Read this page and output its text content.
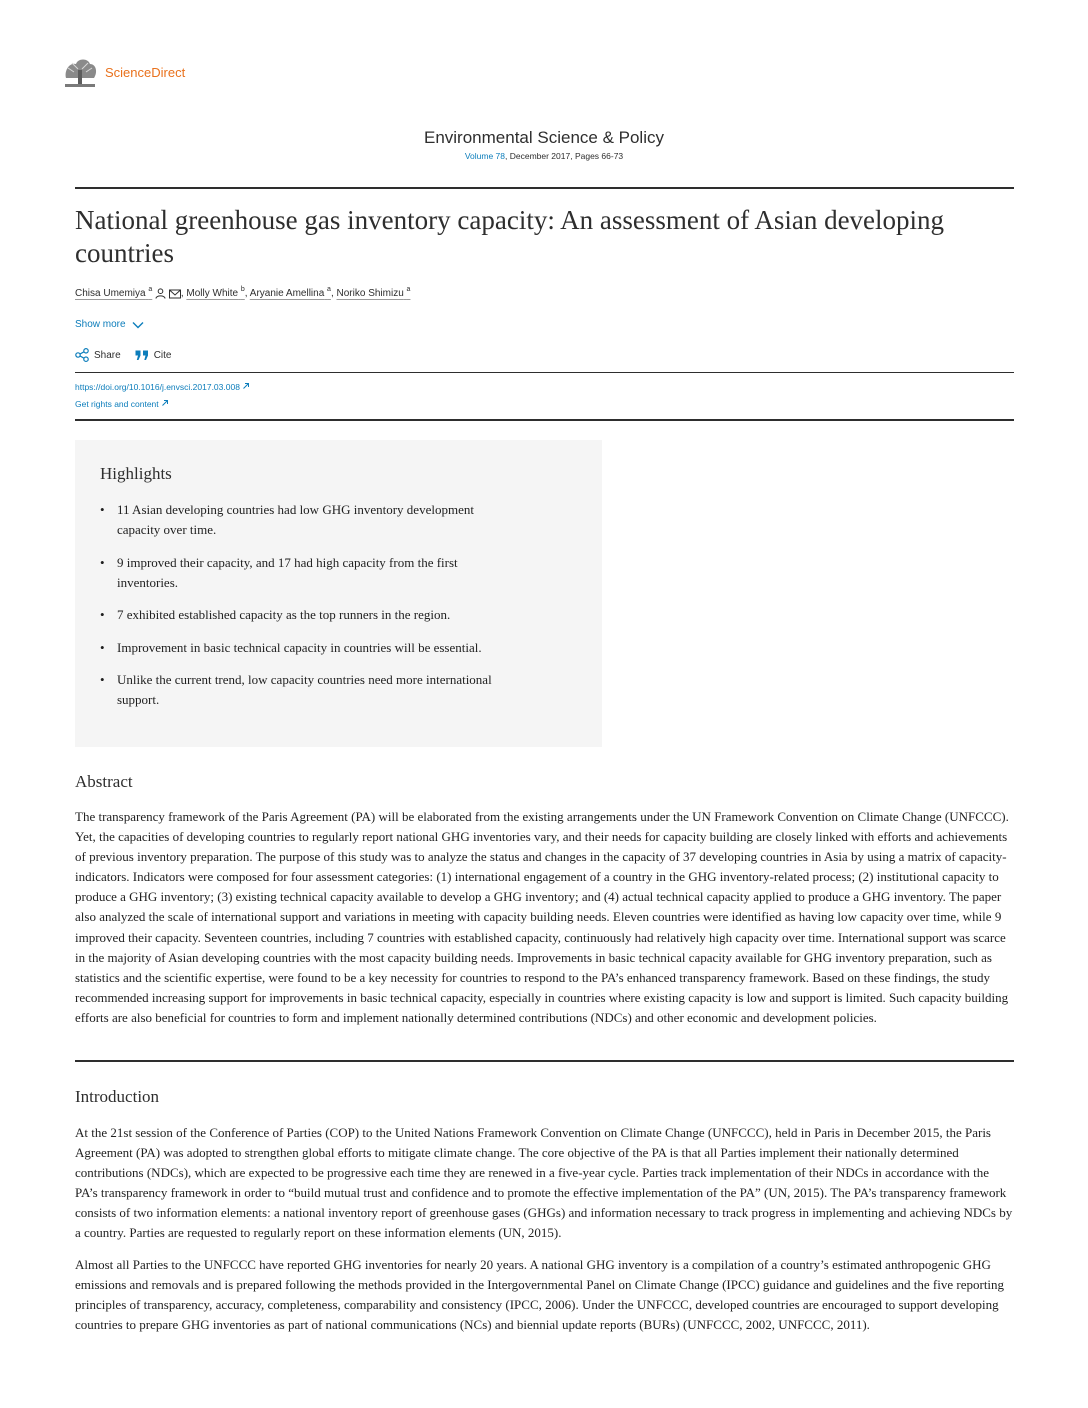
ScienceDirect
Environmental Science & Policy
Volume 78, December 2017, Pages 66-73
National greenhouse gas inventory capacity: An assessment of Asian developing countries
Chisa Umemiya $^a$	, Molly White $^b$, Aryanie Amellina $^a$, Noriko Shimizu $^a$
Show more
Share	Cite
https://doi.org/10.1016/j.envsci.2017.03.008
Get rights and content
Highlights
• 11 Asian developing countries had low GHG inventory development capacity over time.
• 9 improved their capacity, and 17 had high capacity from the first inventories.
• 7 exhibited established capacity as the top runners in the region.
• Improvement in basic technical capacity in countries will be essential.
• Unlike the current trend, low capacity countries need more international support.
Abstract

The transparency framework of the Paris Agreement (PA) will be elaborated from the existing arrangements under the UN Framework Convention on Climate Change (UNFCCC). Yet, the capacities of developing countries to regularly report national GHG inventories vary, and their needs for capacity building are closely linked with efforts and achievements of previous inventory preparation. The purpose of this study was to analyze the status and changes in the capacity of 37 developing countries in Asia by using a matrix of capacity-indicators. Indicators were composed for four assessment categories: (1) international engagement of a country in the GHG inventory-related process; (2) institutional capacity to produce a GHG inventory; (3) existing technical capacity available to develop a GHG inventory; and (4) actual technical capacity applied to produce a GHG inventory. The paper also analyzed the scale of international support and variations in meeting with capacity building needs. Eleven countries were identified as having low capacity over time, while 9 improved their capacity. Seventeen countries, including 7 countries with established capacity, continuously had relatively high capacity over time. International support was scarce in the majority of Asian developing countries with the most capacity building needs. Improvements in basic technical capacity available for GHG inventory preparation, such as statistics and the scientific expertise, were found to be a key necessity for countries to respond to the PA’s enhanced transparency framework. Based on these findings, the study recommended increasing support for improvements in basic technical capacity, especially in countries where existing capacity is low and support is limited. Such capacity building efforts are also beneficial for countries to form and implement nationally determined contributions (NDCs) and other economic and development policies.

Introduction

At the 21st session of the Conference of Parties (COP) to the United Nations Framework Convention on Climate Change (UNFCCC), held in Paris in December 2015, the Paris Agreement (PA) was adopted to strengthen global efforts to mitigate climate change. The core objective of the PA is that all Parties implement their nationally determined contributions (NDCs), which are expected to be progressive each time they are renewed in a five-year cycle. Parties track implementation of their NDCs in accordance with the PA’s transparency framework in order to “build mutual trust and confidence and to promote the effective implementation of the PA” (UN, 2015). The PA’s transparency framework consists of two information elements: a national inventory report of greenhouse gases (GHGs) and information necessary to track progress in implementing and achieving NDCs by a country. Parties are requested to regularly report on these information elements (UN, 2015).

Almost all Parties to the UNFCCC have reported GHG inventories for nearly 20 years. A national GHG inventory is a compilation of a country’s estimated anthropogenic GHG emissions and removals and is prepared following the methods provided in the Intergovernmental Panel on Climate Change (IPCC) guidance and guidelines and the five reporting principles of transparency, accuracy, completeness, comparability and consistency (IPCC, 2006). Under the UNFCCC, developed countries are encouraged to support developing countries to prepare GHG inventories as part of national communications (NCs) and biennial update reports (BURs) (UNFCCC, 2002, UNFCCC, 2011).
